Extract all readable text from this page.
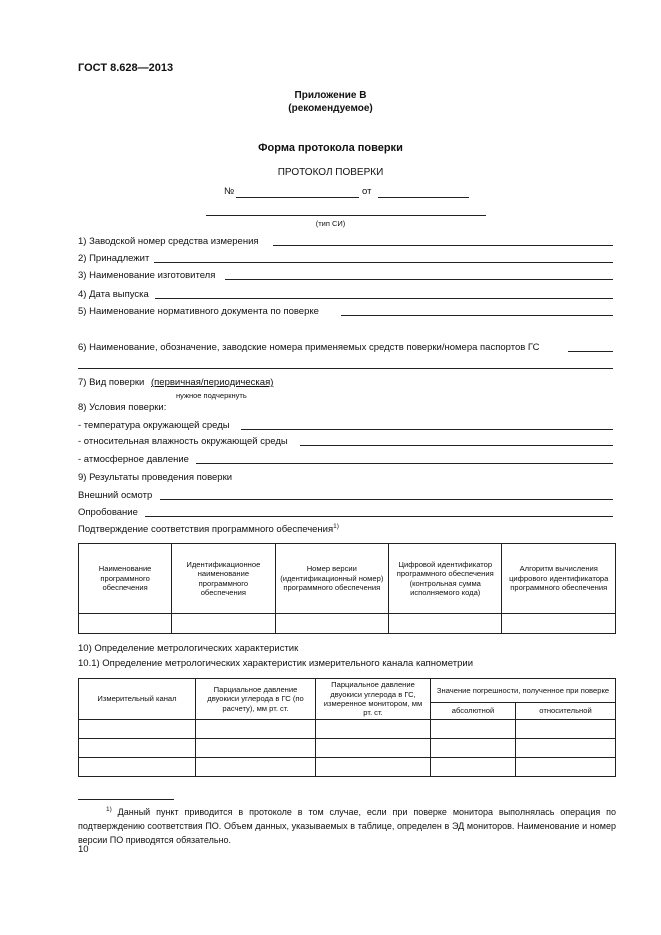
ГОСТ 8.628—2013
Приложение В
(рекомендуемое)
Форма протокола поверки
ПРОТОКОЛ ПОВЕРКИ
№	от
(тип СИ)
1) Заводской номер средства измерения
2) Принадлежит
3) Наименование изготовителя
4) Дата выпуска
5) Наименование нормативного документа по поверке
6) Наименование, обозначение, заводские номера применяемых средств поверки/номера паспортов ГС
7) Вид поверки (первичная/периодическая)
нужное подчеркнуть
8) Условия поверки:
- температура окружающей среды
- относительная влажность окружающей среды
- атмосферное давление
9) Результаты проведения поверки
Внешний осмотр
Опробование
Подтверждение соответствия программного обеспечения$^{1)}$
Наименование программного обеспечения	Идентификационное наименование программного обеспечения	Номер версии (идентификационный номер) программного обеспечения	Цифровой идентификатор программного обеспечения (контрольная сумма исполняемого кода)	Алгоритм вычисления цифрового идентификатора программного обеспечения

10) Определение метрологических характеристик
10.1) Определение метрологических характеристик измерительного канала капнометрии
Измерительный канал	Парциальное давление двуокиси углерода в ГС (по расчету), мм рт. ст.	Парциальное давление двуокиси углерода в ГС, измеренное монитором, мм рт. ст.	Значение погрешности, полученное при поверке	
			абсолютной	относительной

$^{1)}$ Данный пункт приводится в протоколе в том случае, если при поверке монитора выполнялась операция по подтверждению соответствия ПО. Объем данных, указываемых в таблице, определен в ЭД мониторов. Наименование и номер версии ПО приводятся обязательно.
10
